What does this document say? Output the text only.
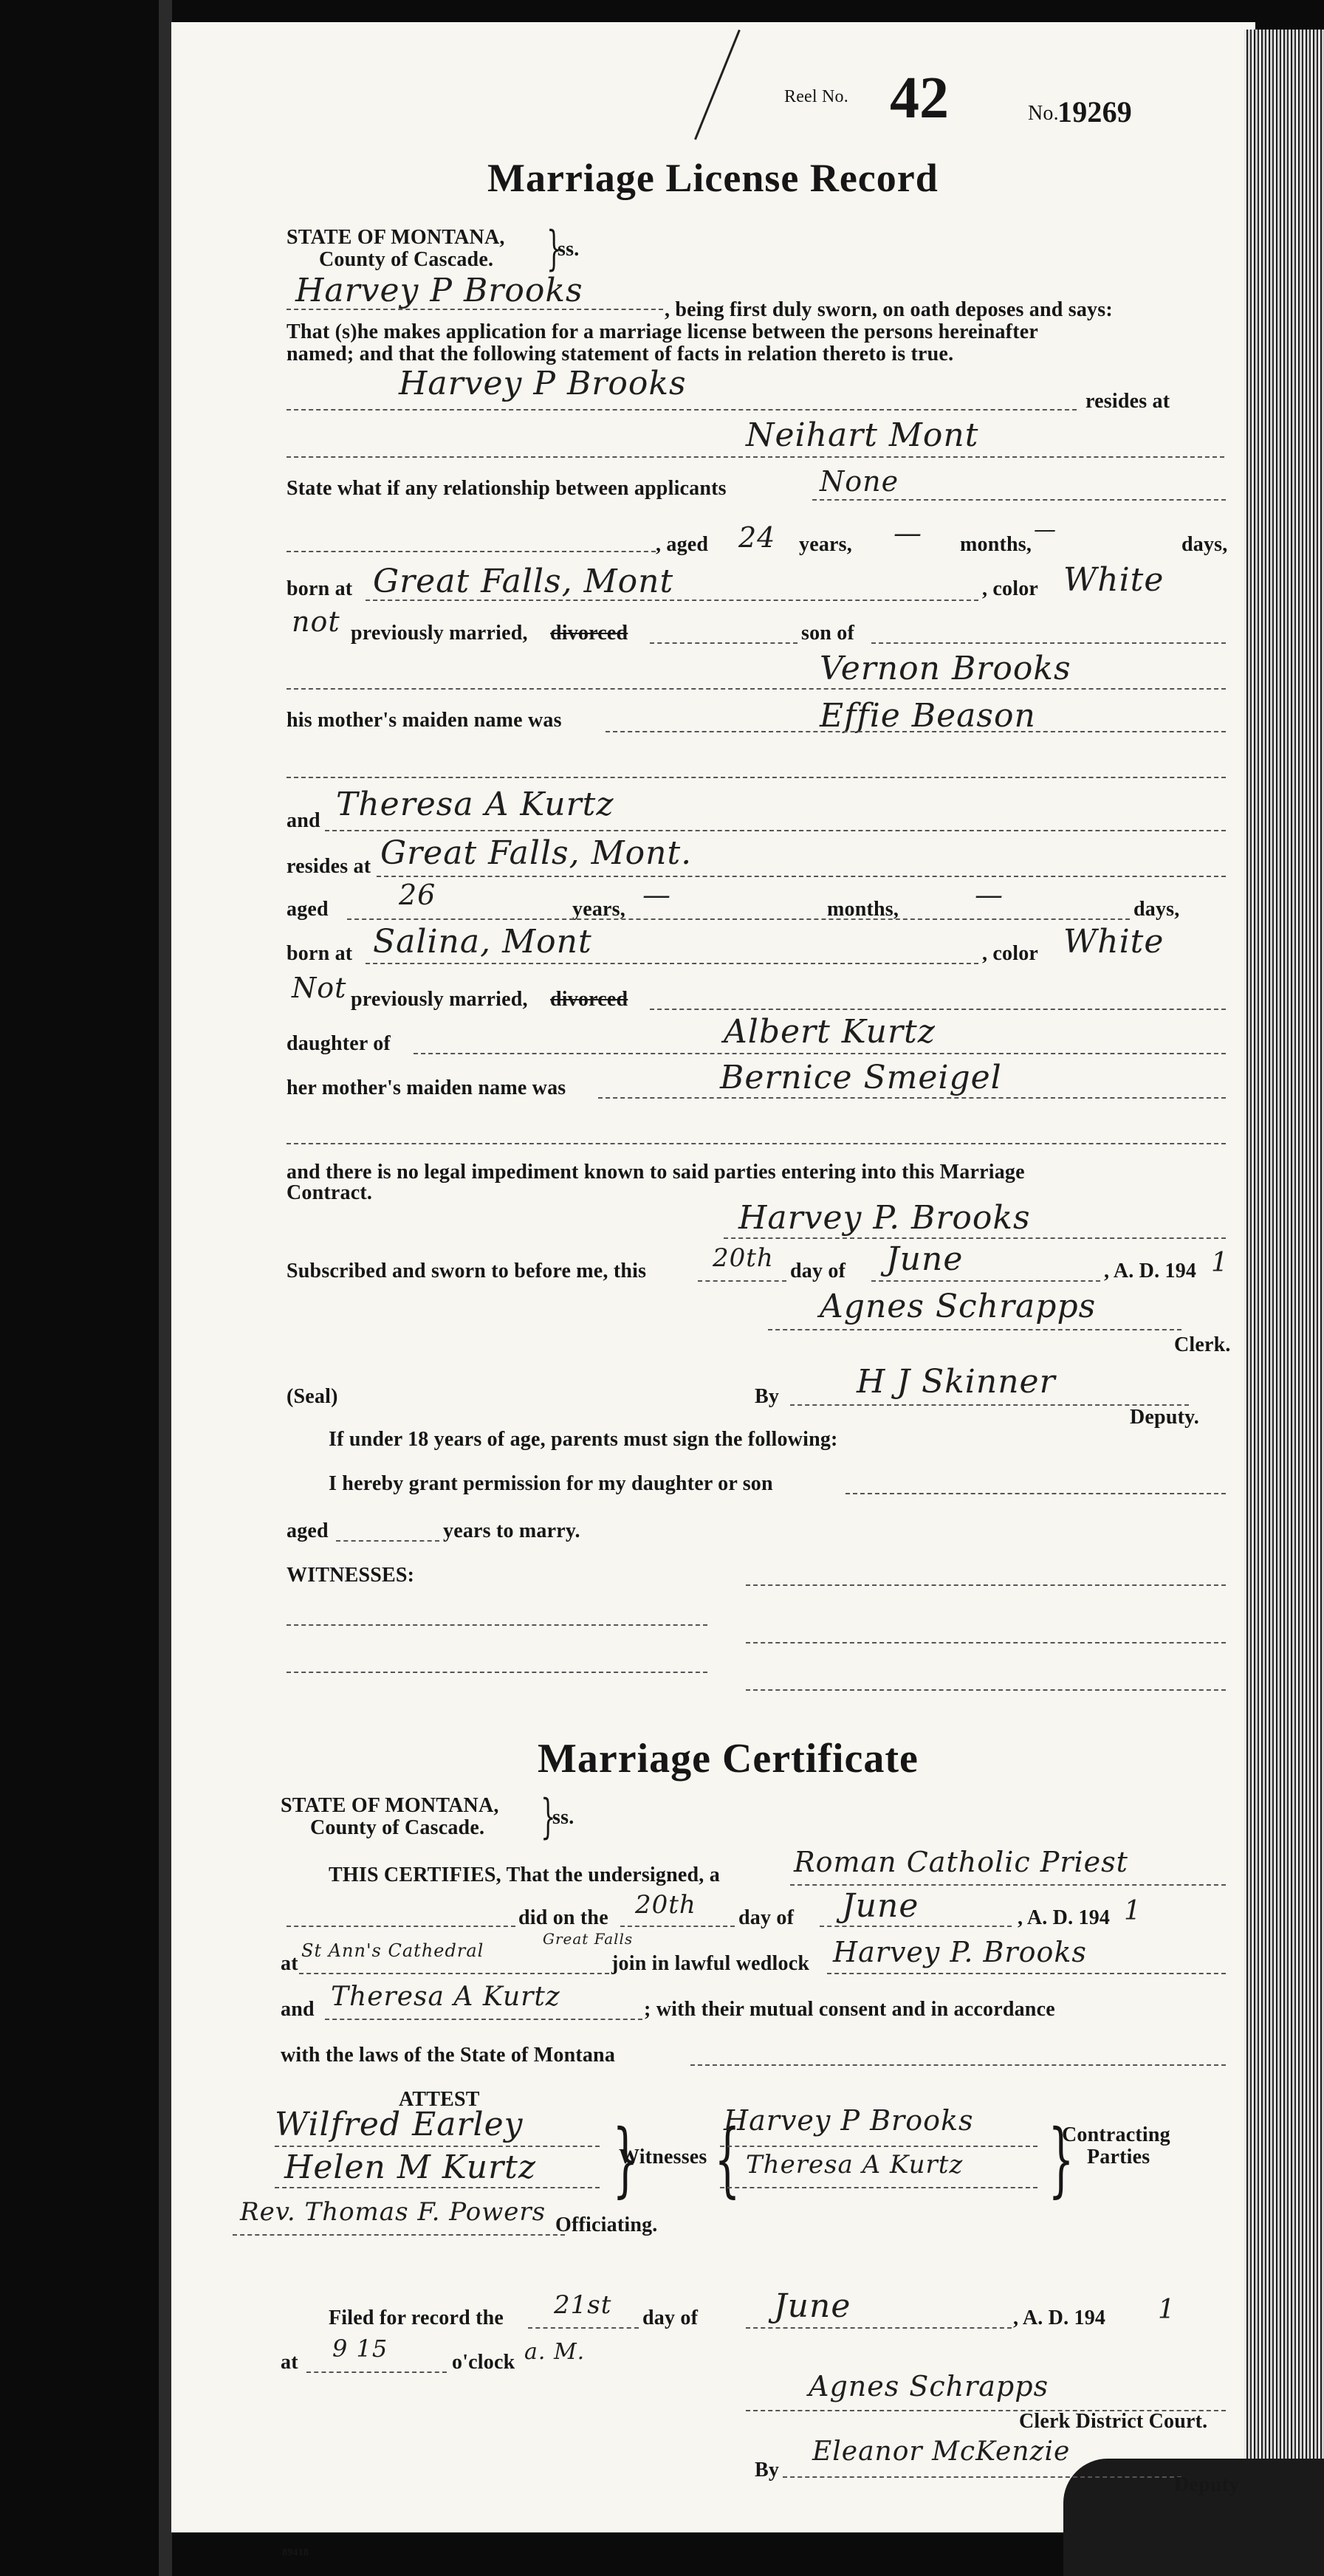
Reel No. 42	No.
19269
Marriage License Record
STATE OF MONTANA,
County of Cascade. }
ss.
Harvey P Brooks
, being first duly sworn, on oath deposes and says:
That (s)he makes application for a marriage license between the persons hereinafter
named; and that the following statement of facts in relation thereto is true.
Harvey P Brooks	resides at
Neihart Mont
State what if any relationship between applicants	None
, aged 24 years, — months,
—
days,
born at Great Falls, Mont	, color White
not previously married, divorced	son of
Vernon Brooks
his mother's maiden name was	Effie Beason
and Theresa A Kurtz
resides at Great Falls, Mont.
aged	26	years, —	months,	—	days,
born at Salina, Mont	, color White
Not previously married, divorced
daughter of	Albert Kurtz
her mother's maiden name was	Bernice Smeigel
and there is no legal impediment known to said parties entering into this Marriage
Contract.
Harvey P. Brooks
Subscribed and sworn to before me, this	20th day of June	, A. D. 194 1
Agnes Schrapps
Clerk.
(Seal)	By H J Skinner
Deputy.
If under 18 years of age, parents must sign the following:
I hereby grant permission for my daughter or son
aged	years to marry.
WITNESSES:
Marriage Certificate
STATE OF MONTANA,
County of Cascade. }
ss.
THIS CERTIFIES, That the undersigned, a	Roman Catholic Priest
did on the 20th day of June	, A. D. 194 1
at
St Ann's Cathedral
Great Falls
join in lawful wedlock Harvey P. Brooks
and Theresa A Kurtz	; with their mutual consent and in accordance
with the laws of the State of Montana
ATTEST
Wilfred Earley
Helen M Kurtz }
Witnesses {
Harvey P Brooks
Theresa A Kurtz }
Contracting
Parties
Rev. Thomas F. Powers Officiating.
Filed for record the 21st day of June	, A. D. 194 1
at 9 15	o'clock a. M.
Agnes Schrapps
Clerk District Court.
By
Eleanor McKenzie
Deputy
89418
